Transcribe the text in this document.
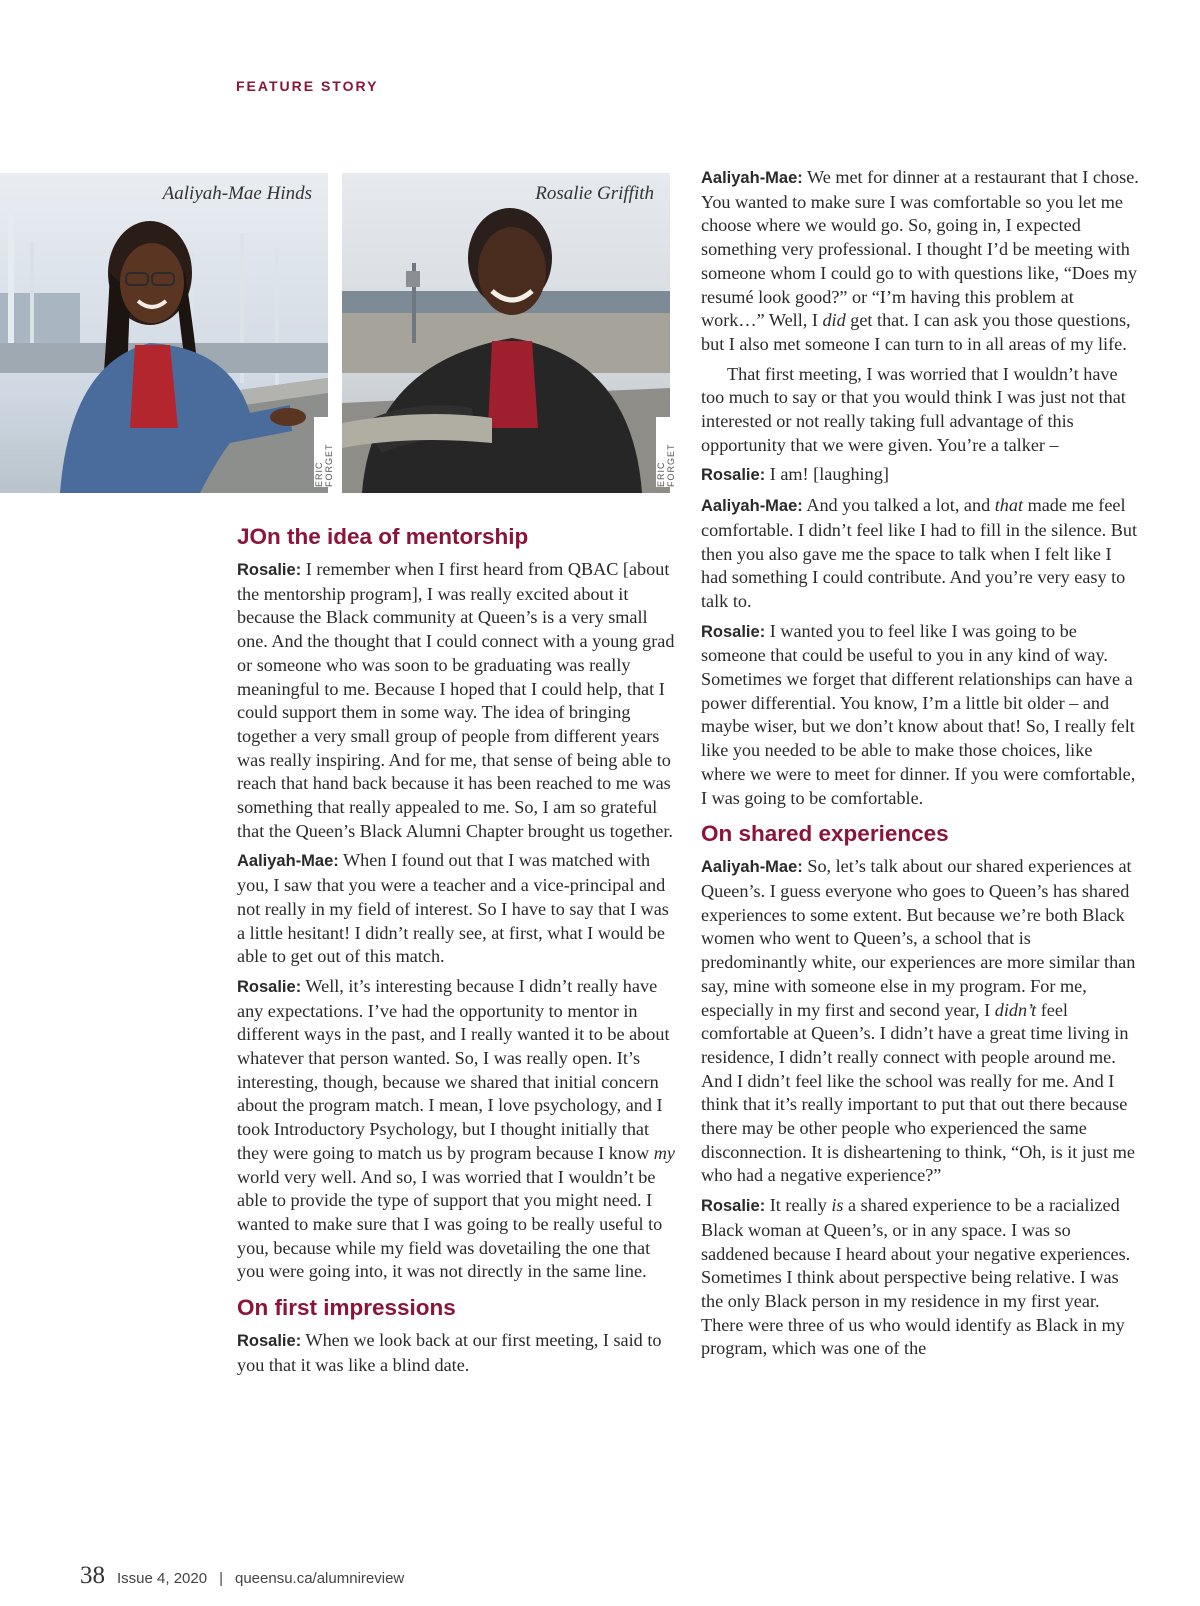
FEATURE STORY
Aaliyah-Mae Hinds
ERIC FORGET
Rosalie Griffith
ERIC FORGET
JOn the idea of mentorship

Rosalie: I remember when I first heard from QBAC [about the mentorship program], I was really excited about it because the Black community at Queen’s is a very small one. And the thought that I could connect with a young grad or someone who was soon to be graduating was really meaningful to me. Because I hoped that I could help, that I could support them in some way. The idea of bringing together a very small group of people from different years was really inspiring. And for me, that sense of being able to reach that hand back because it has been reached to me was something that really appealed to me. So, I am so grateful that the Queen’s Black Alumni Chapter brought us together.

Aaliyah-Mae: When I found out that I was matched with you, I saw that you were a teacher and a vice-principal and not really in my field of interest. So I have to say that I was a little hesitant! I didn’t really see, at first, what I would be able to get out of this match.

Rosalie: Well, it’s interesting because I didn’t really have any expectations. I’ve had the opportunity to mentor in different ways in the past, and I really wanted it to be about whatever that person wanted. So, I was really open. It’s interesting, though, because we shared that initial concern about the program match. I mean, I love psychology, and I took Introductory Psychology, but I thought initially that they were going to match us by program because I know my world very well. And so, I was worried that I wouldn’t be able to provide the type of support that you might need. I wanted to make sure that I was going to be really useful to you, because while my field was dovetailing the one that you were going into, it was not directly in the same line.

On first impressions

Rosalie: When we look back at our first meeting, I said to you that it was like a blind date.

Aaliyah-Mae: We met for dinner at a restaurant that I chose. You wanted to make sure I was comfortable so you let me choose where we would go. So, going in, I expected something very professional. I thought I’d be meeting with someone whom I could go to with questions like, “Does my resumé look good?” or “I’m having this problem at work…” Well, I did get that. I can ask you those questions, but I also met someone I can turn to in all areas of my life.

That first meeting, I was worried that I wouldn’t have too much to say or that you would think I was just not that interested or not really taking full advantage of this opportunity that we were given. You’re a talker –

Rosalie: I am! [laughing]

Aaliyah-Mae: And you talked a lot, and that made me feel comfortable. I didn’t feel like I had to fill in the silence. But then you also gave me the space to talk when I felt like I had something I could contribute. And you’re very easy to talk to.

Rosalie: I wanted you to feel like I was going to be someone that could be useful to you in any kind of way. Sometimes we forget that different relationships can have a power differential. You know, I’m a little bit older – and maybe wiser, but we don’t know about that! So, I really felt like you needed to be able to make those choices, like where we were to meet for dinner. If you were comfortable, I was going to be comfortable.

On shared experiences

Aaliyah-Mae: So, let’s talk about our shared experiences at Queen’s. I guess everyone who goes to Queen’s has shared experiences to some extent. But because we’re both Black women who went to Queen’s, a school that is predominantly white, our experiences are more similar than say, mine with someone else in my program. For me, especially in my first and second year, I didn’t feel comfortable at Queen’s. I didn’t have a great time living in residence, I didn’t really connect with people around me. And I didn’t feel like the school was really for me. And I think that it’s really important to put that out there because there may be other people who experienced the same disconnection. It is disheartening to think, “Oh, is it just me who had a negative experience?”

Rosalie: It really is a shared experience to be a racialized Black woman at Queen’s, or in any space. I was so saddened because I heard about your negative experiences. Sometimes I think about perspective being relative. I was the only Black person in my residence in my first year. There were three of us who would identify as Black in my program, which was one of the

38 Issue 4, 2020 | queensu.ca/alumnireview
